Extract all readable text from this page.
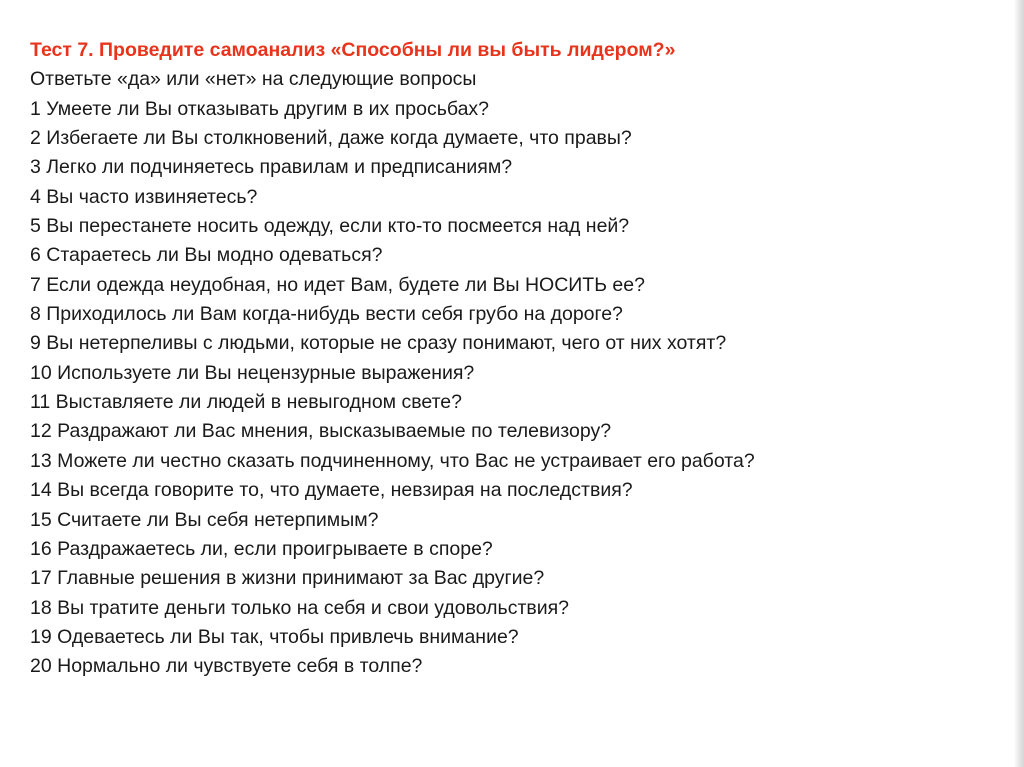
Тест 7. Проведите самоанализ «Способны ли вы быть лидером?»
Ответьте «да» или «нет» на следующие вопросы
1 Умеете ли Вы отказывать другим в их просьбах?
2 Избегаете ли Вы столкновений, даже когда думаете, что правы?
3 Легко ли подчиняетесь правилам и предписаниям?
4 Вы часто извиняетесь?
5 Вы перестанете носить одежду, если кто-то посмеется над ней?
6 Стараетесь ли Вы модно одеваться?
7 Если одежда неудобная, но идет Вам, будете ли Вы НОСИТЬ ее?
8 Приходилось ли Вам когда-нибудь вести себя грубо на дороге?
9 Вы нетерпеливы с людьми, которые не сразу понимают, чего от них хотят?
10 Используете ли Вы нецензурные выражения?
11 Выставляете ли людей в невыгодном свете?
12 Раздражают ли Вас мнения, высказываемые по телевизору?
13 Можете ли честно сказать подчиненному, что Вас не устраивает его работа?
14 Вы всегда говорите то, что думаете, невзирая на последствия?
15 Считаете ли Вы себя нетерпимым?
16 Раздражаетесь ли, если проигрываете в споре?
17 Главные решения в жизни принимают за Вас другие?
18 Вы тратите деньги только на себя и свои удовольствия?
19 Одеваетесь ли Вы так, чтобы привлечь внимание?
20 Нормально ли чувствуете себя в толпе?
